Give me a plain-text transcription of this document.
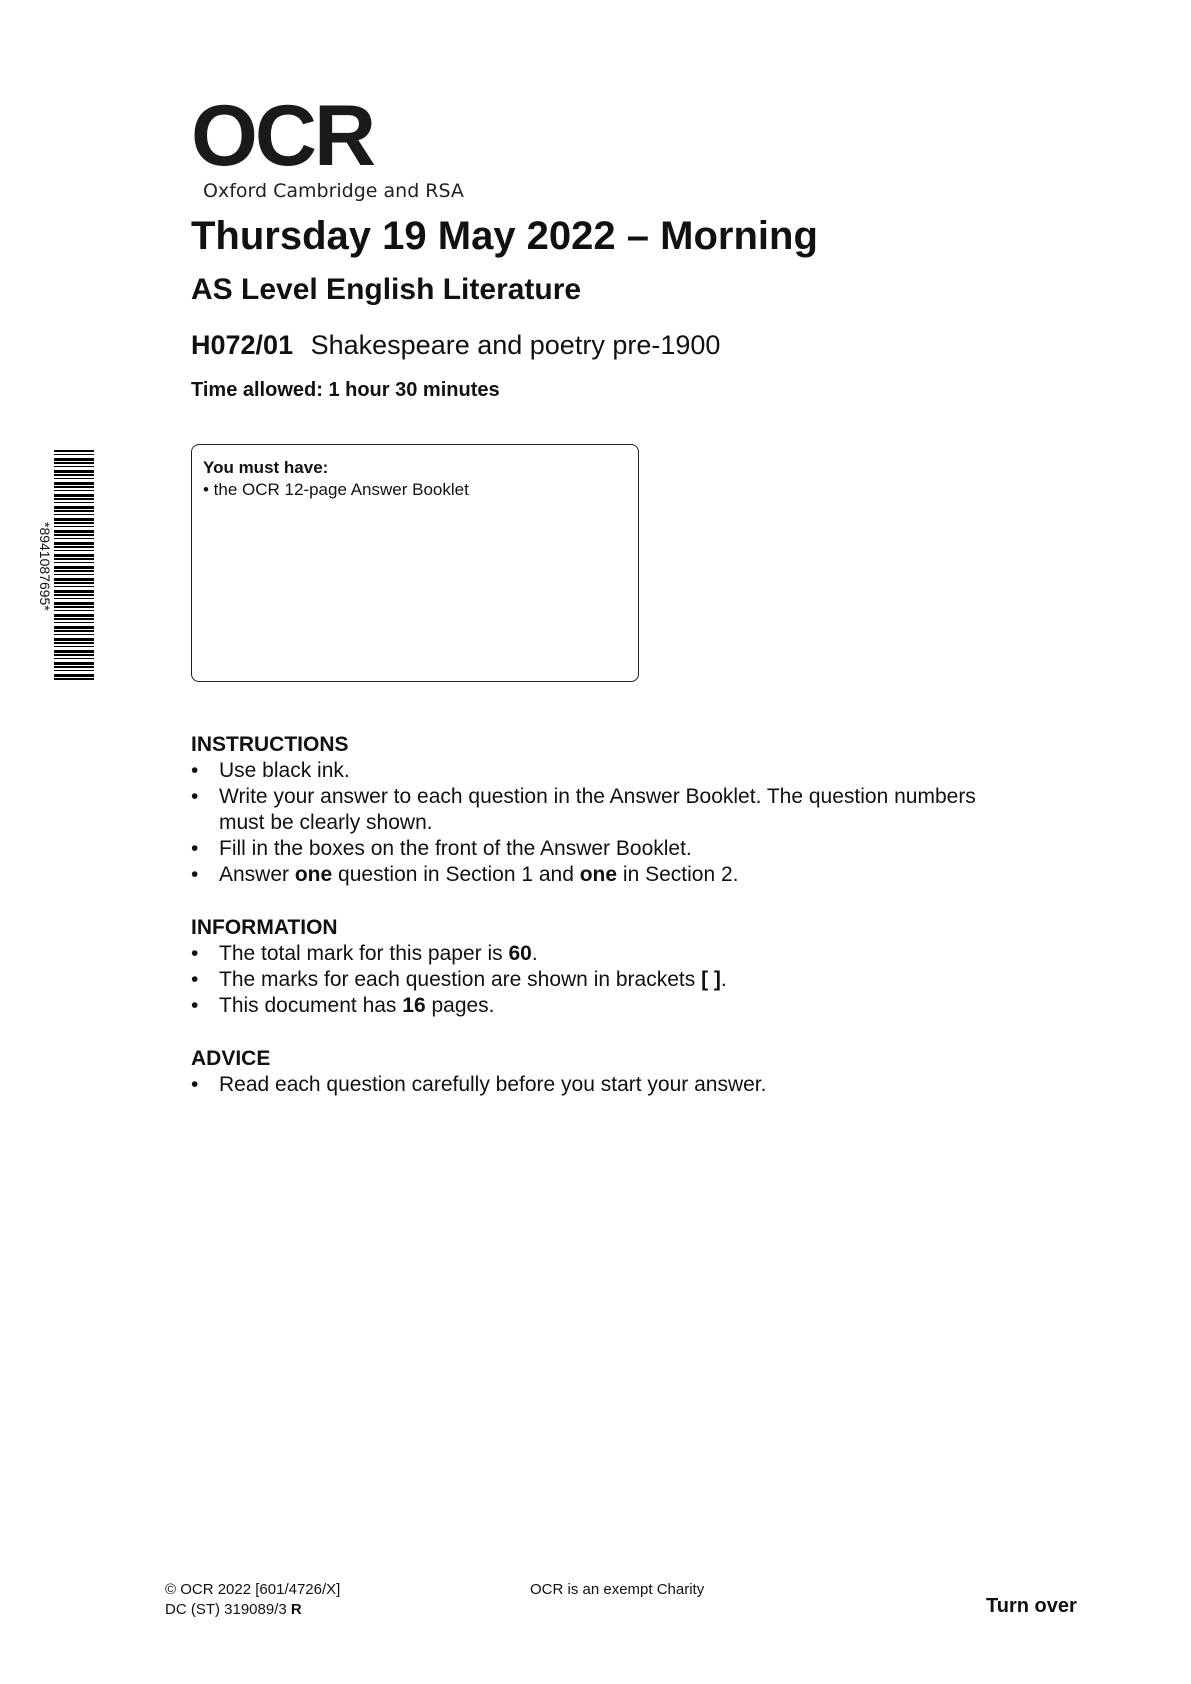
OCR
Oxford Cambridge and RSA
Thursday 19 May 2022 – Morning
AS Level English Literature
H072/01 Shakespeare and poetry pre-1900
Time allowed: 1 hour 30 minutes
*8941087695*
You must have:
• the OCR 12-page Answer Booklet
INSTRUCTIONS
• Use black ink.
• Write your answer to each question in the Answer Booklet. The question numbers must be clearly shown.
• Fill in the boxes on the front of the Answer Booklet.
• Answer one question in Section 1 and one in Section 2.
INFORMATION
• The total mark for this paper is 60.
• The marks for each question are shown in brackets [ ].
• This document has 16 pages.
ADVICE
• Read each question carefully before you start your answer.
© OCR 2022 [601/4726/X]
DC (ST) 319089/3 R
OCR is an exempt Charity
Turn over
